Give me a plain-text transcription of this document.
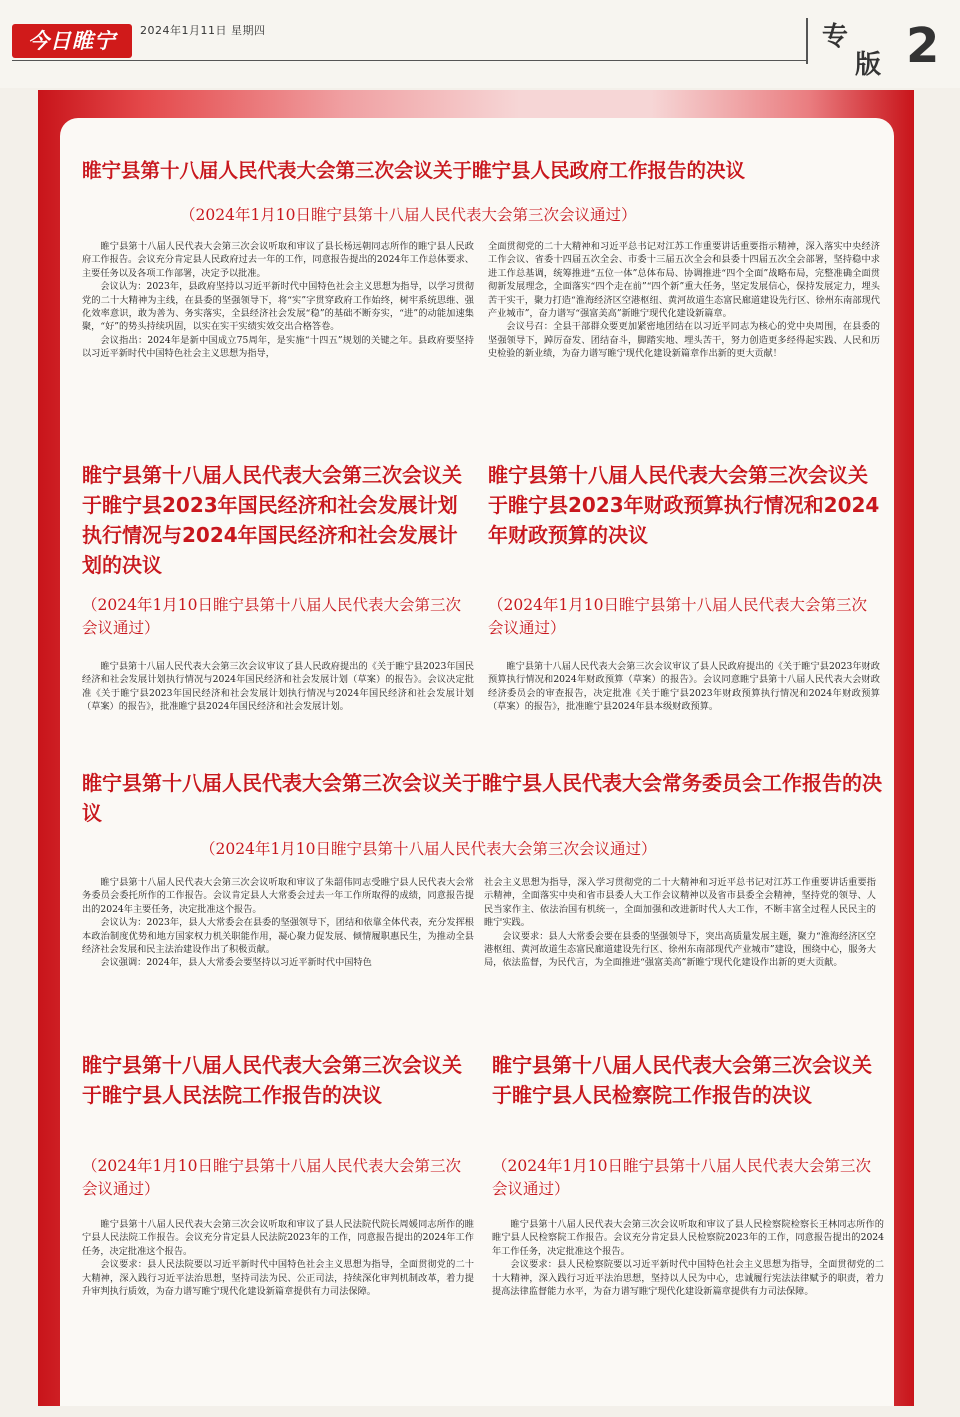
今日睢宁	2024年1月11日 星期四	专
版 2
睢宁县第十八届人民代表大会第三次会议关于睢宁县人民政府工作报告的决议
（2024年1月10日睢宁县第十八届人民代表大会第三次会议通过）

睢宁县第十八届人民代表大会第三次会议听取和审议了县长杨远朝同志所作的睢宁县人民政府工作报告。会议充分肯定县人民政府过去一年的工作，同意报告提出的2024年工作总体要求、主要任务以及各项工作部署，决定予以批准。

会议认为：2023年，县政府坚持以习近平新时代中国特色社会主义思想为指导，以学习贯彻党的二十大精神为主线，在县委的坚强领导下，将“实”字贯穿政府工作始终，树牢系统思维、强化效率意识，敢为善为、务实落实，全县经济社会发展“稳”的基础不断夯实，“进”的动能加速集聚，“好”的势头持续巩固，以实在实干实绩实效交出合格答卷。

会议指出：2024年是新中国成立75周年，是实施“十四五”规划的关键之年。县政府要坚持以习近平新时代中国特色社会主义思想为指导，

全面贯彻党的二十大精神和习近平总书记对江苏工作重要讲话重要指示精神，深入落实中央经济工作会议、省委十四届五次全会、市委十三届五次全会和县委十四届五次全会部署，坚持稳中求进工作总基调，统筹推进“五位一体”总体布局、协调推进“四个全面”战略布局，完整准确全面贯彻新发展理念，全面落实“四个走在前”“四个新”重大任务，坚定发展信心，保持发展定力，埋头苦干实干，聚力打造“淮海经济区空港枢纽、黄河故道生态富民廊道建设先行区、徐州东南部现代产业城市”，奋力谱写“强富美高”新睢宁现代化建设新篇章。

会议号召：全县干部群众要更加紧密地团结在以习近平同志为核心的党中央周围，在县委的坚强领导下，踔厉奋发、团结奋斗，脚踏实地、埋头苦干，努力创造更多经得起实践、人民和历史检验的新业绩，为奋力谱写睢宁现代化建设新篇章作出新的更大贡献！

睢宁县第十八届人民代表大会第三次会议关于睢宁县2023年国民经济和社会发展计划执行情况与2024年国民经济和社会发展计划的决议
（2024年1月10日睢宁县第十八届人民代表大会第三次会议通过）

睢宁县第十八届人民代表大会第三次会议审议了县人民政府提出的《关于睢宁县2023年国民经济和社会发展计划执行情况与2024年国民经济和社会发展计划（草案）的报告》。会议决定批准《关于睢宁县2023年国民经济和社会发展计划执行情况与2024年国民经济和社会发展计划（草案）的报告》，批准睢宁县2024年国民经济和社会发展计划。

睢宁县第十八届人民代表大会第三次会议关于睢宁县2023年财政预算执行情况和2024年财政预算的决议
（2024年1月10日睢宁县第十八届人民代表大会第三次会议通过）

睢宁县第十八届人民代表大会第三次会议审议了县人民政府提出的《关于睢宁县2023年财政预算执行情况和2024年财政预算（草案）的报告》。会议同意睢宁县第十八届人民代表大会财政经济委员会的审查报告，决定批准《关于睢宁县2023年财政预算执行情况和2024年财政预算（草案）的报告》，批准睢宁县2024年县本级财政预算。

睢宁县第十八届人民代表大会第三次会议关于睢宁县人民代表大会常务委员会工作报告的决议
（2024年1月10日睢宁县第十八届人民代表大会第三次会议通过）

睢宁县第十八届人民代表大会第三次会议听取和审议了朱韶伟同志受睢宁县人民代表大会常务委员会委托所作的工作报告。会议肯定县人大常委会过去一年工作所取得的成绩，同意报告提出的2024年主要任务，决定批准这个报告。

会议认为：2023年，县人大常委会在县委的坚强领导下，团结和依靠全体代表，充分发挥根本政治制度优势和地方国家权力机关职能作用，凝心聚力促发展、倾情履职惠民生，为推动全县经济社会发展和民主法治建设作出了积极贡献。

会议强调：2024年，县人大常委会要坚持以习近平新时代中国特色

社会主义思想为指导，深入学习贯彻党的二十大精神和习近平总书记对江苏工作重要讲话重要指示精神，全面落实中央和省市县委人大工作会议精神以及省市县委全会精神，坚持党的领导、人民当家作主、依法治国有机统一，全面加强和改进新时代人大工作，不断丰富全过程人民民主的睢宁实践。

会议要求：县人大常委会要在县委的坚强领导下，突出高质量发展主题，聚力“淮海经济区空港枢纽、黄河故道生态富民廊道建设先行区、徐州东南部现代产业城市”建设，围绕中心，服务大局，依法监督，为民代言，为全面推进“强富美高”新睢宁现代化建设作出新的更大贡献。

睢宁县第十八届人民代表大会第三次会议关于睢宁县人民法院工作报告的决议
（2024年1月10日睢宁县第十八届人民代表大会第三次会议通过）

睢宁县第十八届人民代表大会第三次会议听取和审议了县人民法院代院长周媛同志所作的睢宁县人民法院工作报告。会议充分肯定县人民法院2023年的工作，同意报告提出的2024年工作任务，决定批准这个报告。

会议要求：县人民法院要以习近平新时代中国特色社会主义思想为指导，全面贯彻党的二十大精神，深入践行习近平法治思想，坚持司法为民、公正司法，持续深化审判机制改革，着力提升审判执行质效，为奋力谱写睢宁现代化建设新篇章提供有力司法保障。

睢宁县第十八届人民代表大会第三次会议关于睢宁县人民检察院工作报告的决议
（2024年1月10日睢宁县第十八届人民代表大会第三次会议通过）

睢宁县第十八届人民代表大会第三次会议听取和审议了县人民检察院检察长王林同志所作的睢宁县人民检察院工作报告。会议充分肯定县人民检察院2023年的工作，同意报告提出的2024年工作任务，决定批准这个报告。

会议要求：县人民检察院要以习近平新时代中国特色社会主义思想为指导，全面贯彻党的二十大精神，深入践行习近平法治思想，坚持以人民为中心，忠诚履行宪法法律赋予的职责，着力提高法律监督能力水平，为奋力谱写睢宁现代化建设新篇章提供有力司法保障。
